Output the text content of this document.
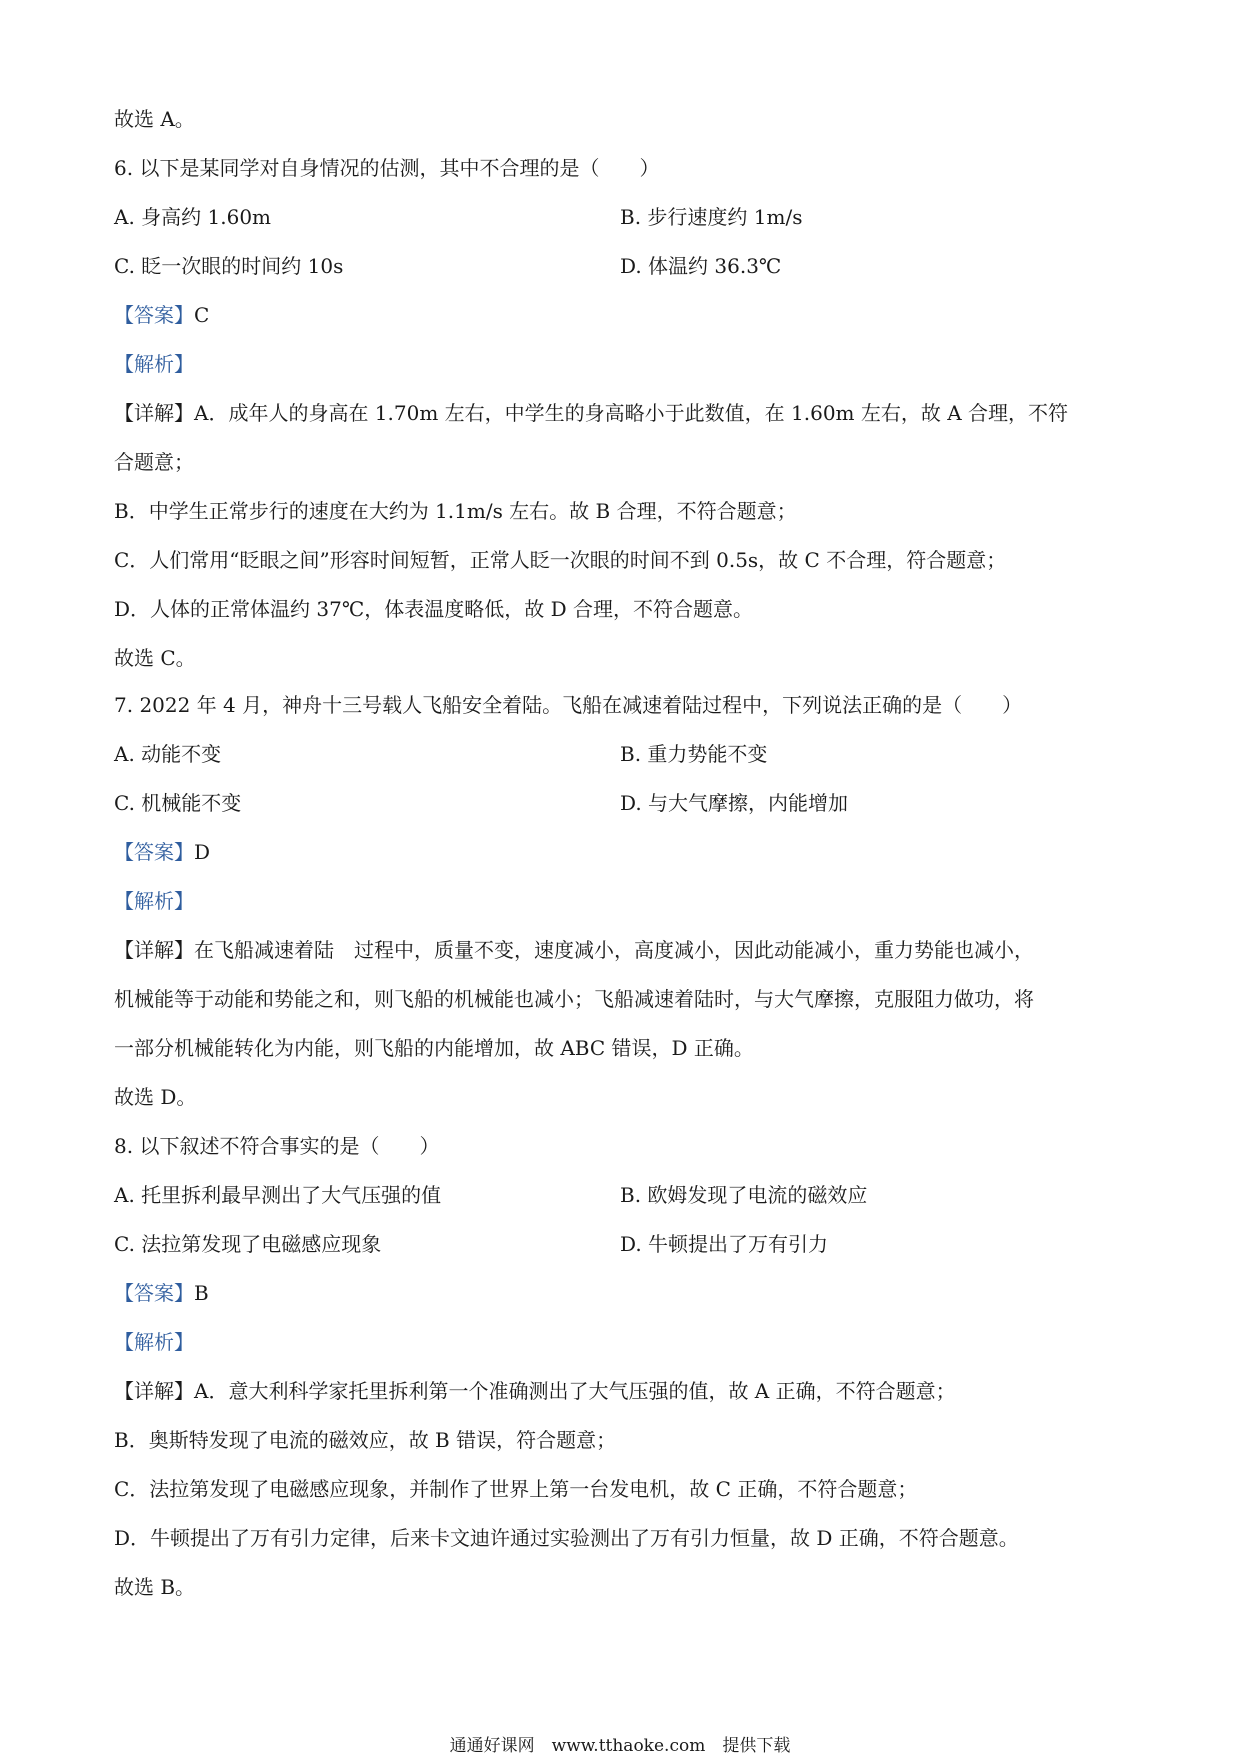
故选 A。
6. 以下是某同学对自身情况的估测，其中不合理的是（　　）
A. 身高约 1.60m	B. 步行速度约 1m/s
C. 眨一次眼的时间约 10s	D. 体温约 36.3℃
【答案】C
【解析】
【详解】A．成年人的身高在 1.70m 左右，中学生的身高略小于此数值，在 1.60m 左右，故 A 合理，不符
合题意；
B．中学生正常步行的速度在大约为 1.1m/s 左右。故 B 合理，不符合题意；
C．人们常用“眨眼之间”形容时间短暂，正常人眨一次眼的时间不到 0.5s，故 C 不合理，符合题意；
D．人体的正常体温约 37℃，体表温度略低，故 D 合理，不符合题意。
故选 C。
7. 2022 年 4 月，神舟十三号载人飞船安全着陆。飞船在减速着陆过程中，下列说法正确的是（　　）
A. 动能不变	B. 重力势能不变
C. 机械能不变	D. 与大气摩擦，内能增加
【答案】D
【解析】
【详解】在飞船减速着陆　过程中，质量不变，速度减小，高度减小，因此动能减小，重力势能也减小，
机械能等于动能和势能之和，则飞船的机械能也减小；飞船减速着陆时，与大气摩擦，克服阻力做功，将
一部分机械能转化为内能，则飞船的内能增加，故 ABC 错误，D 正确。
故选 D。
8. 以下叙述不符合事实的是（　　）
A. 托里拆利最早测出了大气压强的值	B. 欧姆发现了电流的磁效应
C. 法拉第发现了电磁感应现象	D. 牛顿提出了万有引力
【答案】B
【解析】
【详解】A．意大利科学家托里拆利第一个准确测出了大气压强的值，故 A 正确，不符合题意；
B．奥斯特发现了电流的磁效应，故 B 错误，符合题意；
C．法拉第发现了电磁感应现象，并制作了世界上第一台发电机，故 C 正确，不符合题意；
D．牛顿提出了万有引力定律，后来卡文迪许通过实验测出了万有引力恒量，故 D 正确，不符合题意。
故选 B。
通通好课网　www.tthaoke.com　提供下载
